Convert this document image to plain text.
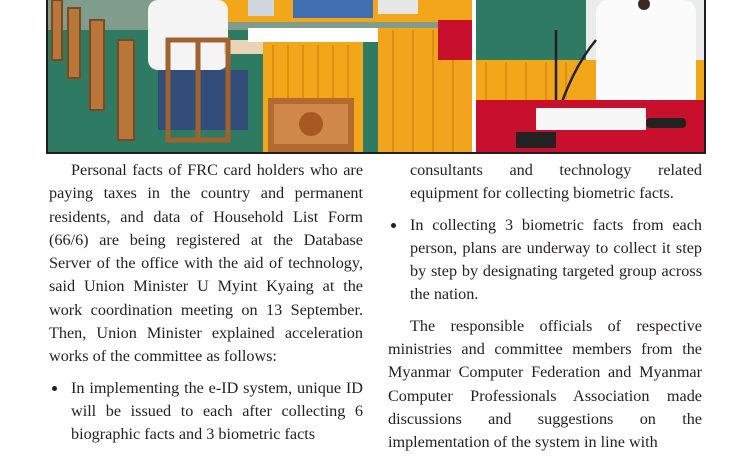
Personal facts of FRC card holders who are paying taxes in the country and permanent residents, and data of Household List Form (66/6) are being registered at the Database Server of the office with the aid of technology, said Union Minister U Myint Kyaing at the work coordination meeting on 13 September. Then, Union Minister explained acceleration works of the committee as follows:

In implementing the e-ID system, unique ID will be issued to each after collecting 6 biographic facts and 3 biometric facts

consultants and technology related

equipment for collecting biometric facts.

In collecting 3 biometric facts from each person, plans are underway to collect it step by step by designating targeted group across the nation.

The responsible officials of respective ministries and committee members from the Myanmar Computer Federation and Myanmar Computer Professionals Association made discussions and suggestions on the implementation of the system in line with
